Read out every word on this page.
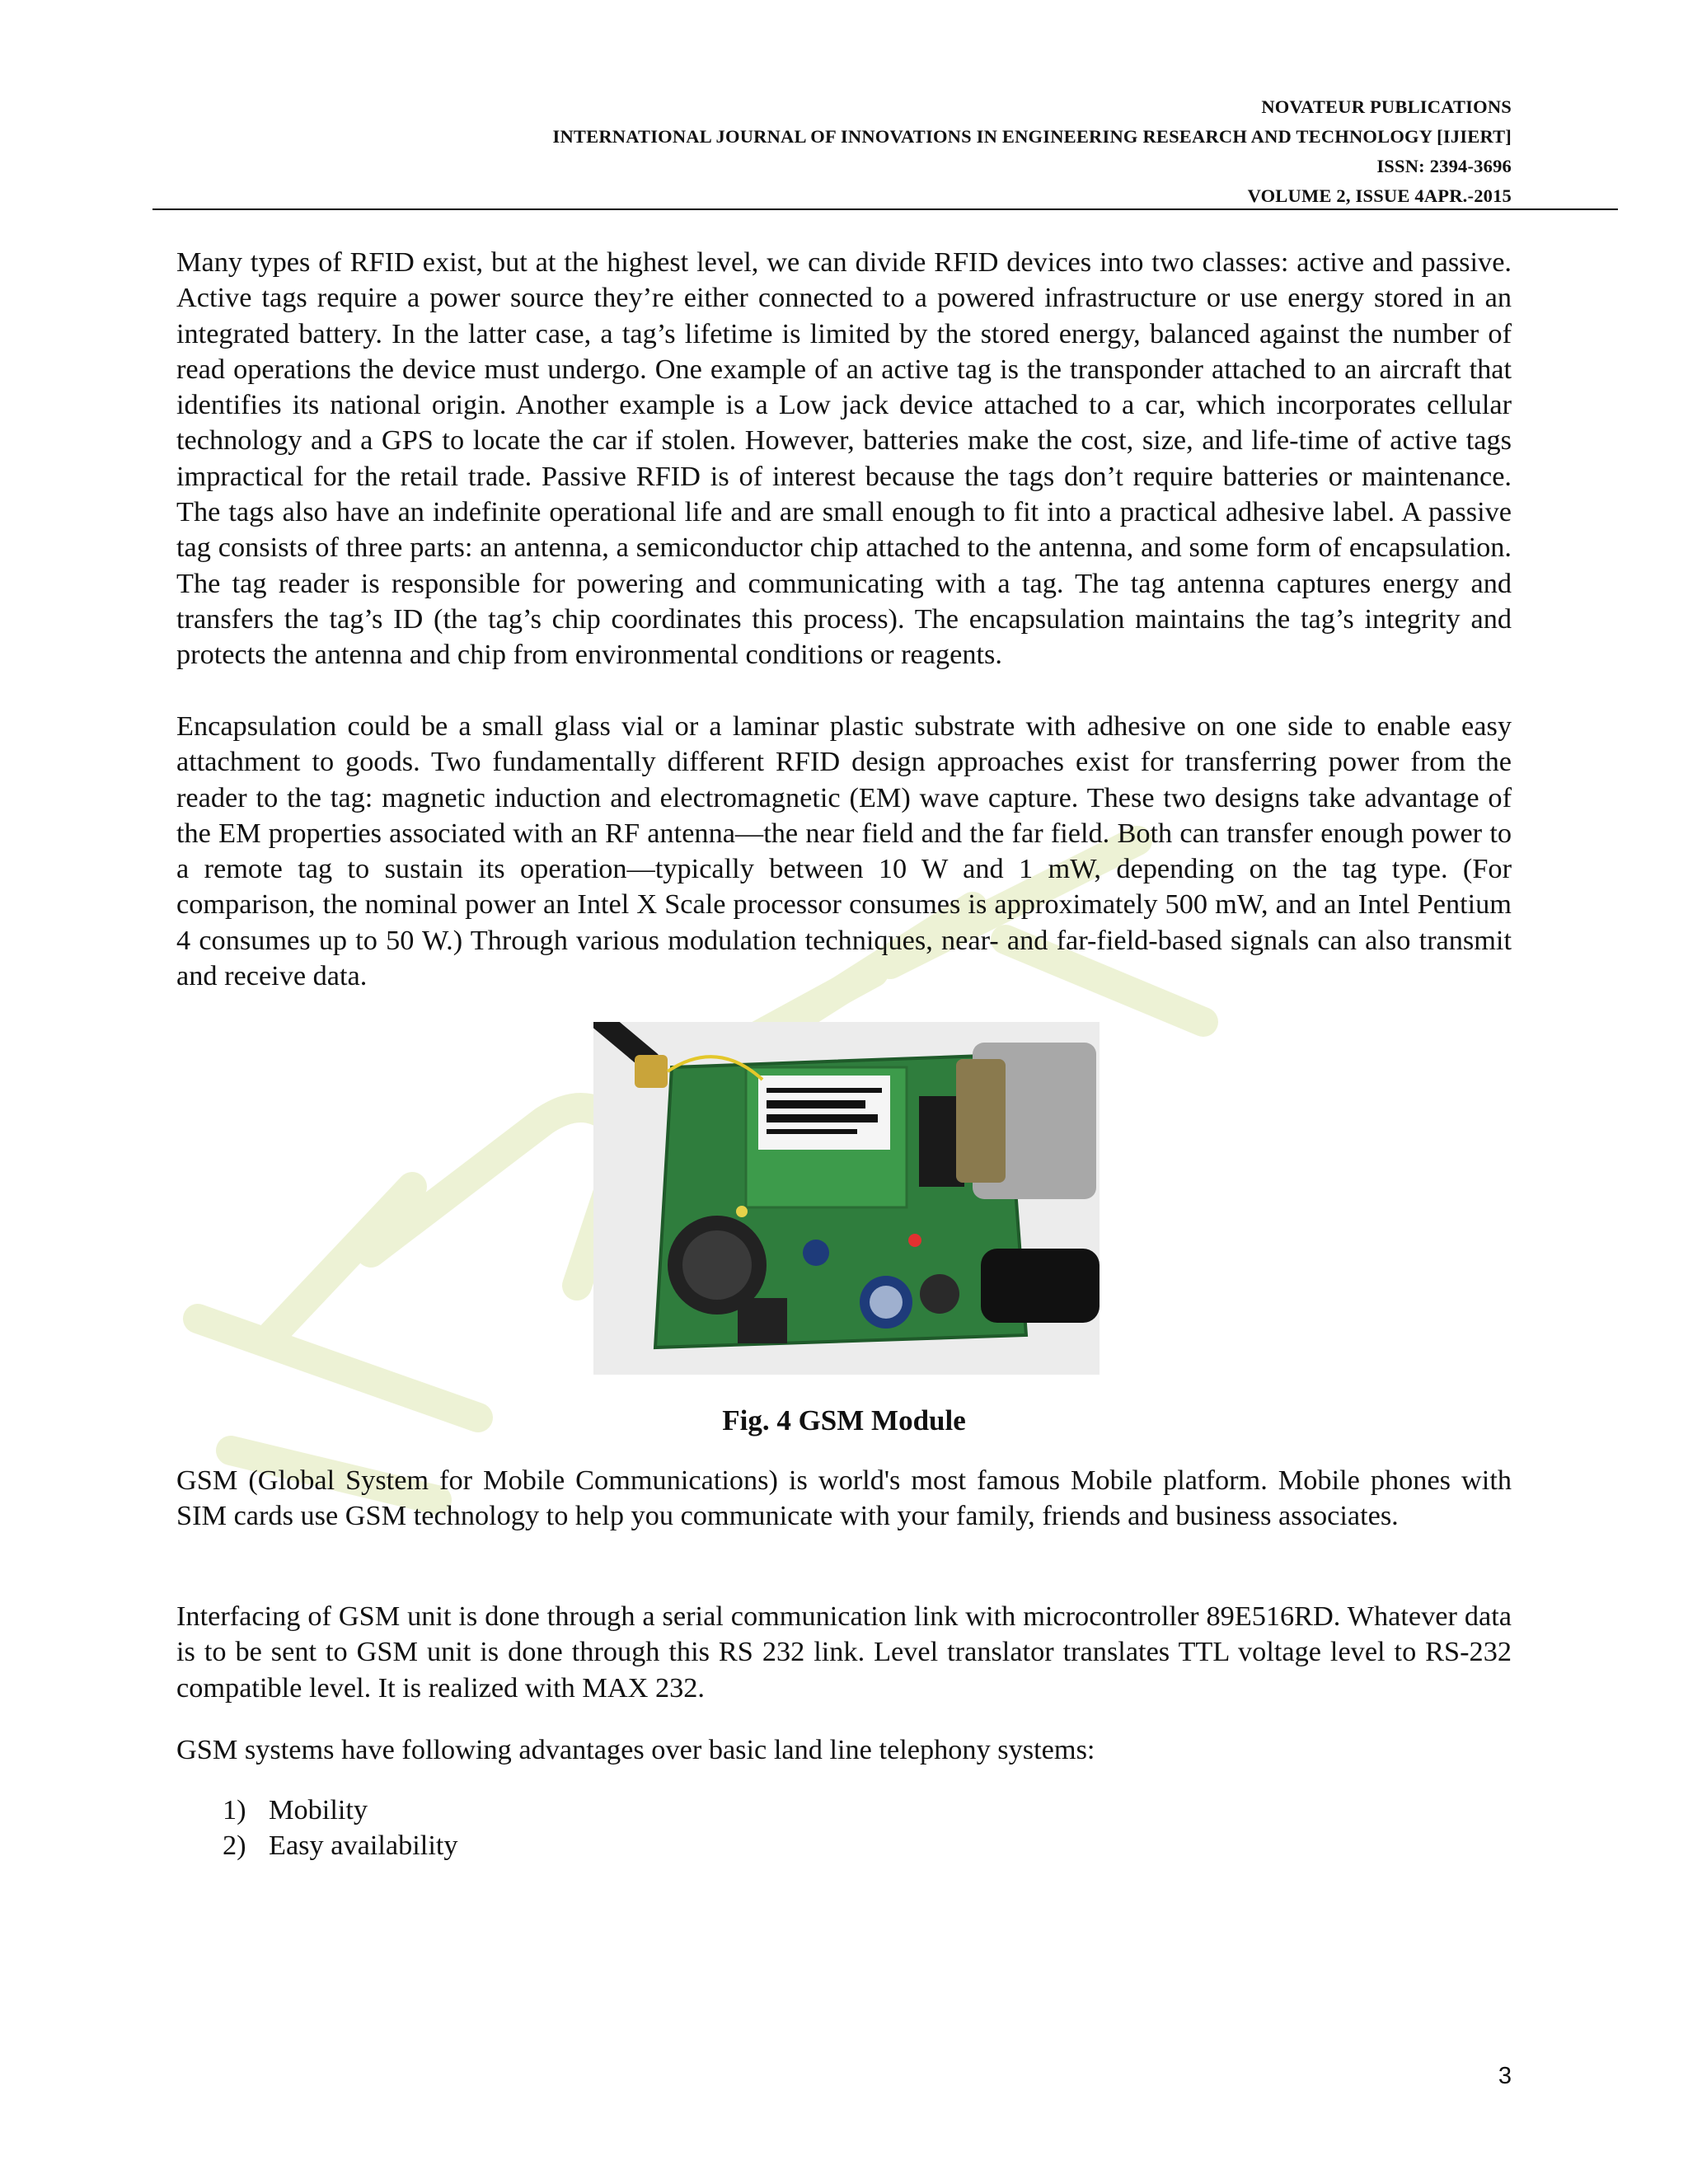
NOVATEUR PUBLICATIONS
INTERNATIONAL JOURNAL OF INNOVATIONS IN ENGINEERING RESEARCH AND TECHNOLOGY [IJIERT]
ISSN: 2394-3696
VOLUME 2, ISSUE 4APR.-2015
Many types of RFID exist, but at the highest level, we can divide RFID devices into two classes: active and passive. Active tags require a power source they’re either connected to a powered infrastructure or use energy stored in an integrated battery. In the latter case, a tag’s lifetime is limited by the stored energy, balanced against the number of read operations the device must undergo. One example of an active tag is the transponder attached to an aircraft that identifies its national origin. Another example is a Low jack device attached to a car, which incorporates cellular technology and a GPS to locate the car if stolen. However, batteries make the cost, size, and life-time of active tags impractical for the retail trade. Passive RFID is of interest because the tags don’t require batteries or maintenance. The tags also have an indefinite operational life and are small enough to fit into a practical adhesive label. A passive tag consists of three parts: an antenna, a semiconductor chip attached to the antenna, and some form of encapsulation. The tag reader is responsible for powering and communicating with a tag. The tag antenna captures energy and transfers the tag’s ID (the tag’s chip coordinates this process). The encapsulation maintains the tag’s integrity and protects the antenna and chip from environmental conditions or reagents.
Encapsulation could be a small glass vial or a laminar plastic substrate with adhesive on one side to enable easy attachment to goods. Two fundamentally different RFID design approaches exist for transferring power from the reader to the tag: magnetic induction and electromagnetic (EM) wave capture. These two designs take advantage of the EM properties associated with an RF antenna—the near field and the far field. Both can transfer enough power to a remote tag to sustain its operation—typically between 10 W and 1 mW, depending on the tag type. (For comparison, the nominal power an Intel X Scale processor consumes is approximately 500 mW, and an Intel Pentium 4 consumes up to 50 W.) Through various modulation techniques, near- and far-field-based signals can also transmit and receive data.
Fig. 4 GSM Module
GSM (Global System for Mobile Communications) is world's most famous Mobile platform. Mobile phones with SIM cards use GSM technology to help you communicate with your family, friends and business associates.
Interfacing of GSM unit is done through a serial communication link with microcontroller 89E516RD. Whatever data is to be sent to GSM unit is done through this RS 232 link. Level translator translates TTL voltage level to RS-232 compatible level. It is realized with MAX 232.
GSM systems have following advantages over basic land line telephony systems:
1) Mobility
2) Easy availability
3
